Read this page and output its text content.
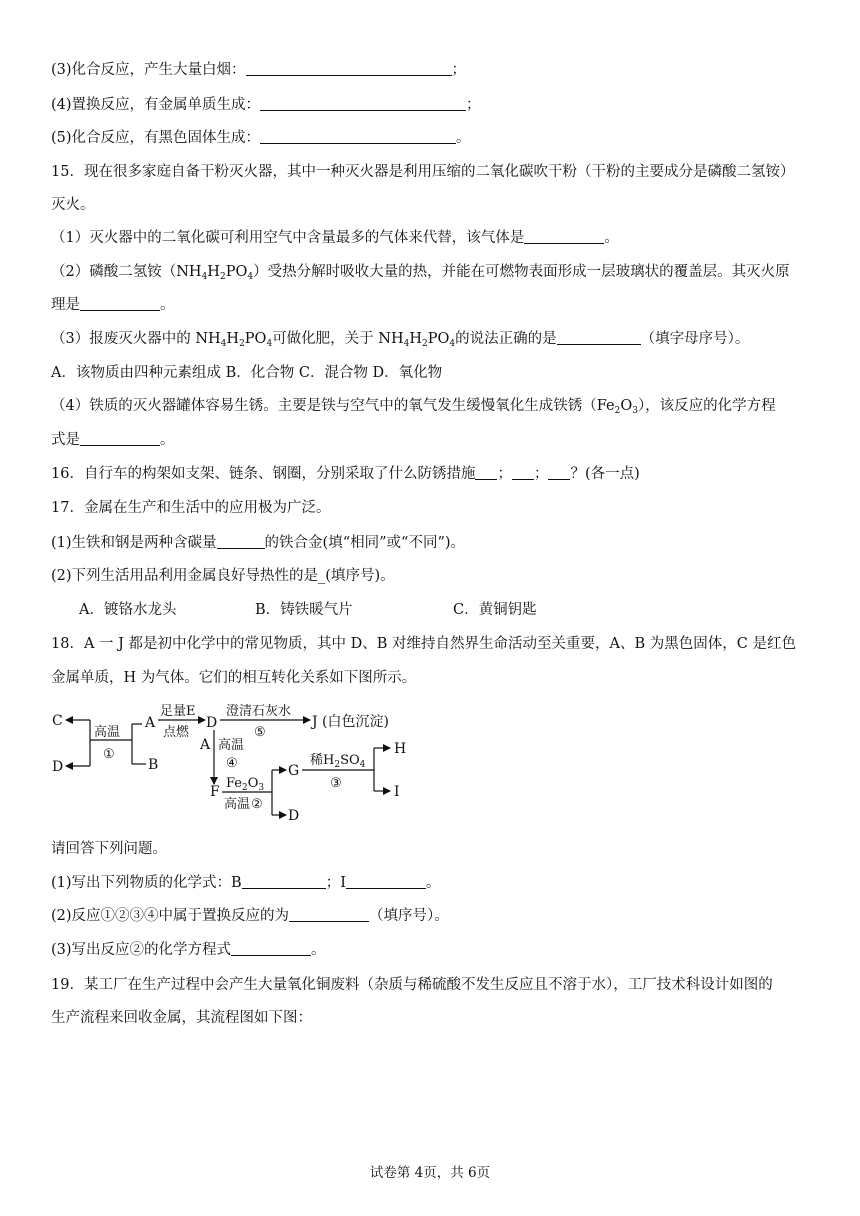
(3)化合反应，产生大量白烟：	；
(4)置换反应，有金属单质生成：	；
(5)化合反应，有黑色固体生成：	。
15．现在很多家庭自备干粉灭火器，其中一种灭火器是利用压缩的二氧化碳吹干粉（干粉的主要成分是磷酸二氢铵）
灭火。
（1）灭火器中的二氧化碳可利用空气中含量最多的气体来代替，该气体是	。
（2）磷酸二氢铵$(NH_4H_2PO_4)$受热分解时吸收大量的热，并能在可燃物表面形成一层玻璃状的覆盖层。其灭火原
理是	。
（3）报废灭火器中的 $NH_4H_2PO_4$可做化肥，关于 $NH_4H_2PO_4$的说法正确的是	（填字母序号）。
A．该物质由四种元素组成 B．化合物 C．混合物 D．氧化物
（4）铁质的灭火器罐体容易生锈。主要是铁与空气中的氧气发生缓慢氧化生成铁锈$(Fe_2O_3)$，该反应的化学方程
式是	。
16．自行车的构架如支架、链条、钢圈，分别采取了什么防锈措施 ； ； ？(各一点)
17．金属在生产和生活中的应用极为广泛。
(1)生铁和钢是两种含碳量	的铁合金(填“相同”或“不同”)。
(2)下列生活用品利用金属良好导热性的是_(填序号)。
A．镀铬水龙头	B．铸铁暖气片	C．黄铜钥匙
18．A 一 J 都是初中化学中的常见物质，其中 D、B 对维持自然界生命活动至关重要，A、B 为黑色固体，C 是红色
金属单质，H 为气体。它们的相互转化关系如下图所示。
C
D
A
B
D	J (白色沉淀)
A
F
G
H
I
D
高温
①
足量E
点燃
澄清石灰水
⑤
高温
④
$Fe_2O_3$
高温 ②
稀$H_2SO_4$
③
请回答下列问题。
(1)写出下列物质的化学式：B	；I	。
(2)反应①②③④中属于置换反应的为	（填序号）。
(3)写出反应②的化学方程式	。
19．某工厂在生产过程中会产生大量氧化铜废料（杂质与稀硫酸不发生反应且不溶于水），工厂技术科设计如图的
生产流程来回收金属，其流程图如下图：
试卷第 4页，共 6页
